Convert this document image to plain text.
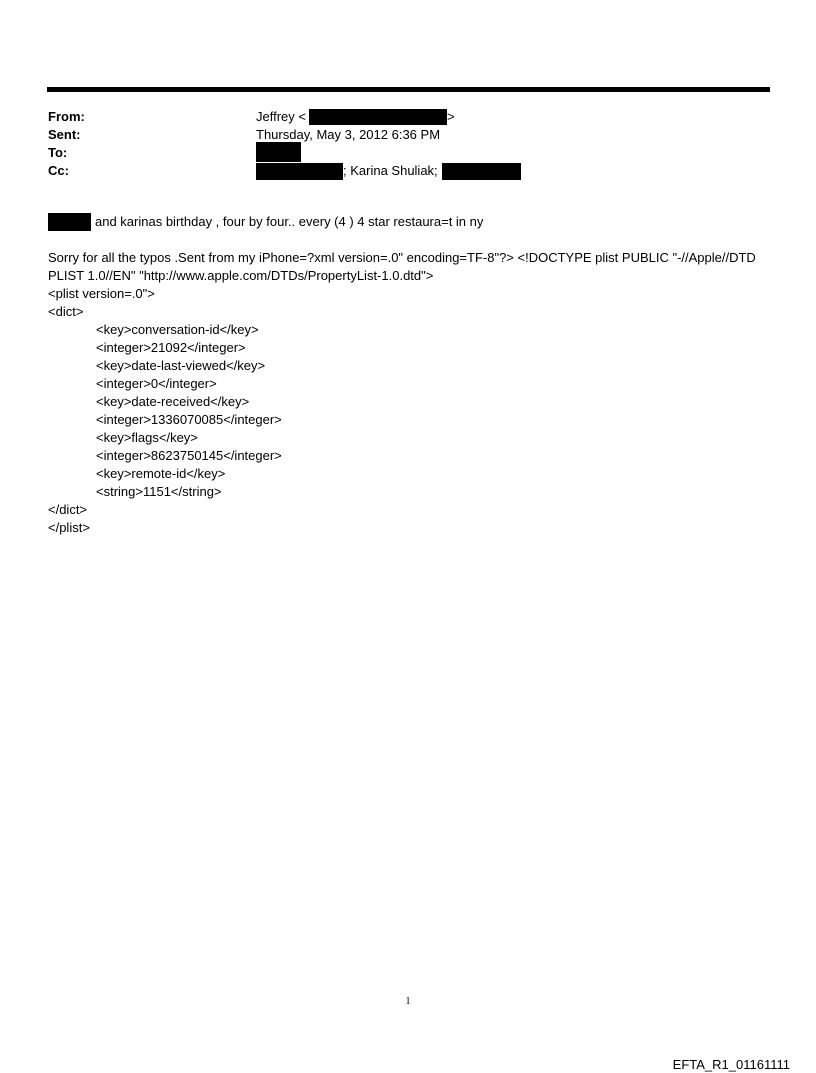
From:	Jeffrey <	>
Sent:	Thursday, May 3, 2012 6:36 PM
To:
Cc:	; Karina Shuliak;
and karinas birthday , four by four.. every (4 ) 4 star restaura=t in ny
Sorry for all the typos .Sent from my iPhone=?xml version=.0" encoding=TF-8"?> <!DOCTYPE plist PUBLIC "-//Apple//DTD PLIST 1.0//EN" "http://www.apple.com/DTDs/PropertyList-1.0.dtd">
<plist version=.0">
<dict>
<key>conversation-id</key>
<integer>21092</integer>
<key>date-last-viewed</key>
<integer>0</integer>
<key>date-received</key>
<integer>1336070085</integer>
<key>flags</key>
<integer>8623750145</integer>
<key>remote-id</key>
<string>1151</string>
</dict>
</plist>
1
EFTA_R1_01161111
